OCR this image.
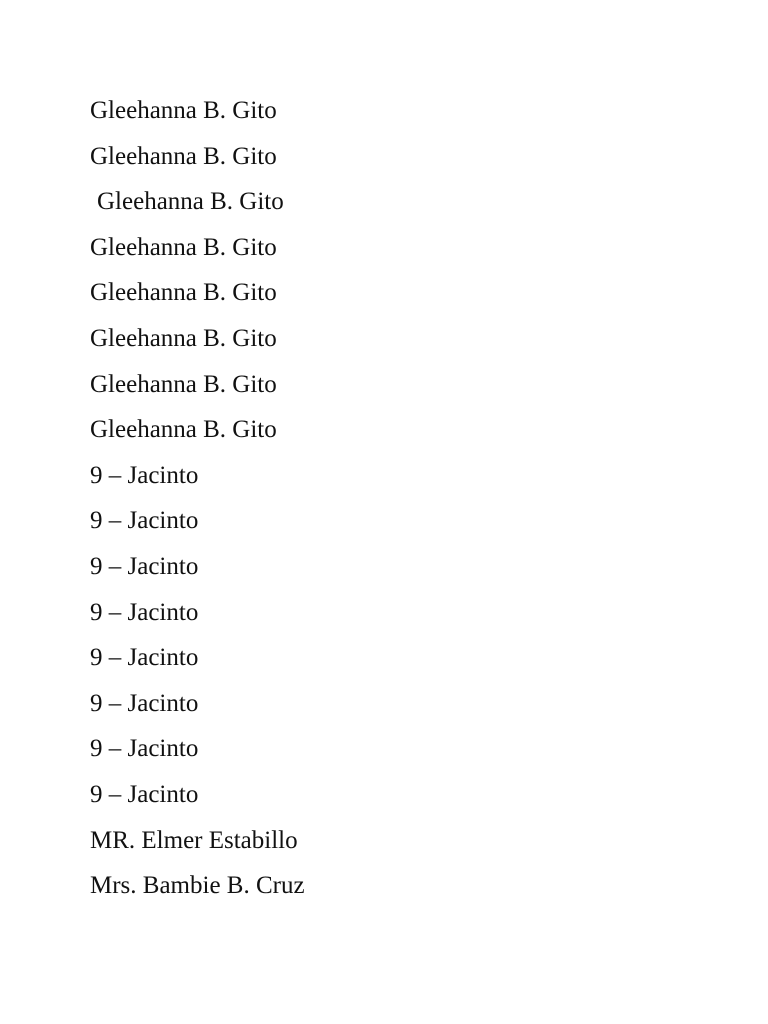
Gleehanna B. Gito
Gleehanna B. Gito
Gleehanna B. Gito
Gleehanna B. Gito
Gleehanna B. Gito
Gleehanna B. Gito
Gleehanna B. Gito
Gleehanna B. Gito
9 – Jacinto
9 – Jacinto
9 – Jacinto
9 – Jacinto
9 – Jacinto
9 – Jacinto
9 – Jacinto
9 – Jacinto
MR. Elmer Estabillo
Mrs. Bambie B. Cruz
